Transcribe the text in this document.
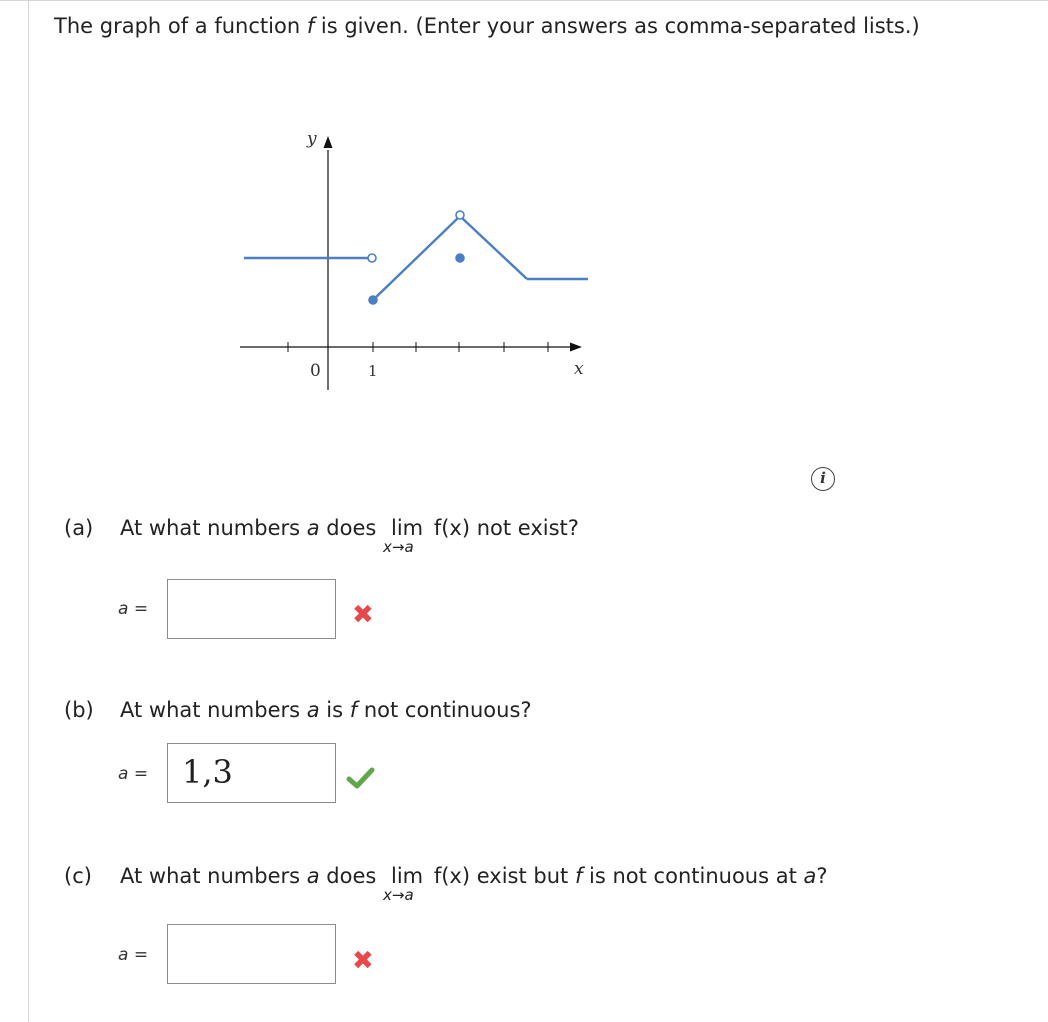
The graph of a function f is given. (Enter your answers as comma-separated lists.)
y
x
0	1
i
(a) At what numbers a does lim
x→a
f(x) not exist?
a =	✖
(b) At what numbers a is f not continuous?
a =	1,3
(c) At what numbers a does lim
x→a
f(x) exist but f is not continuous at a?
a =	✖
